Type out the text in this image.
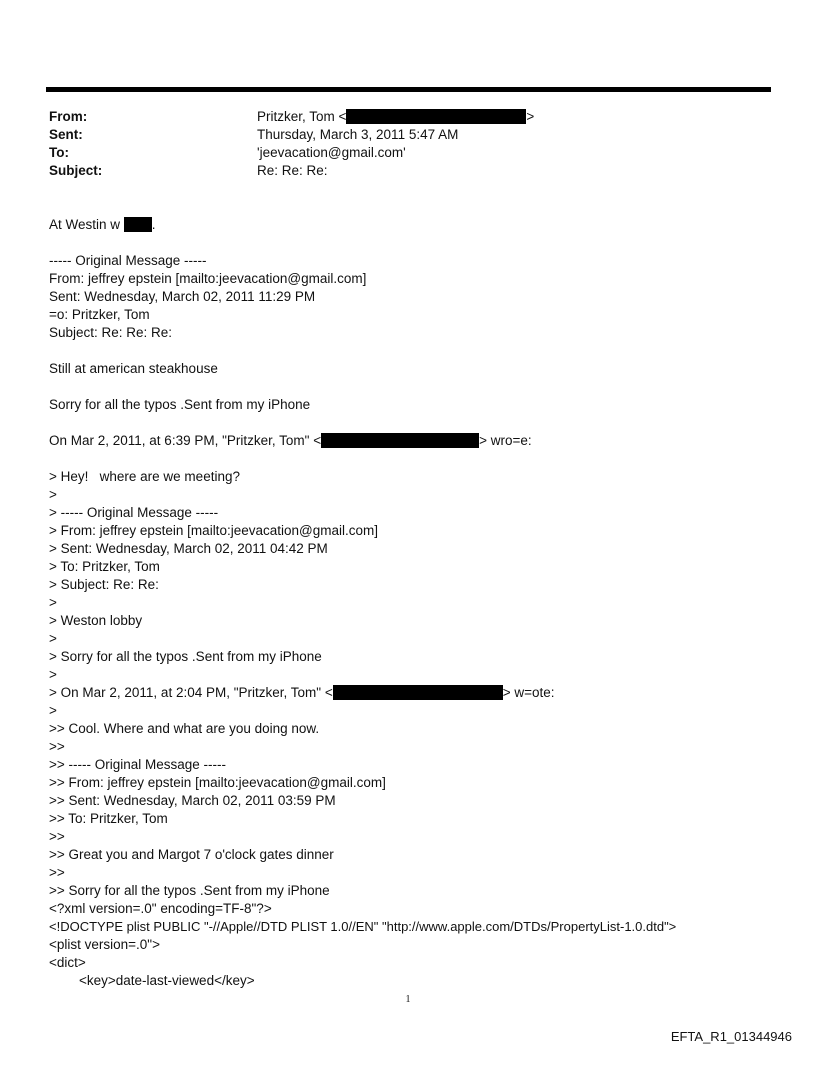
From:	Pritzker, Tom <	>
Sent:	Thursday, March 3, 2011 5:47 AM
To:	'jeevacation@gmail.com'
Subject:	Re: Re: Re:
At Westin w .
----- Original Message -----
From: jeffrey epstein [mailto:jeevacation@gmail.com]
Sent: Wednesday, March 02, 2011 11:29 PM
=o: Pritzker, Tom
Subject: Re: Re: Re:
Still at american steakhouse
Sorry for all the typos .Sent from my iPhone
On Mar 2, 2011, at 6:39 PM, "Pritzker, Tom" <	> wro=e:
> Hey!   where are we meeting?
>
> ----- Original Message -----
> From: jeffrey epstein [mailto:jeevacation@gmail.com]
> Sent: Wednesday, March 02, 2011 04:42 PM
> To: Pritzker, Tom
> Subject: Re: Re:
>
> Weston lobby
>
> Sorry for all the typos .Sent from my iPhone
>
> On Mar 2, 2011, at 2:04 PM, "Pritzker, Tom" <	> w=ote:
>
>> Cool. Where and what are you doing now.
>>
>> ----- Original Message -----
>> From: jeffrey epstein [mailto:jeevacation@gmail.com]
>> Sent: Wednesday, March 02, 2011 03:59 PM
>> To: Pritzker, Tom
>>
>> Great you and Margot 7 o'clock gates dinner
>>
>> Sorry for all the typos .Sent from my iPhone
<?xml version=.0" encoding=TF-8"?>
<!DOCTYPE plist PUBLIC "-//Apple//DTD PLIST 1.0//EN" "http://www.apple.com/DTDs/PropertyList-1.0.dtd">
<plist version=.0">
<dict>
<key>date-last-viewed</key>
1
EFTA_R1_01344946
